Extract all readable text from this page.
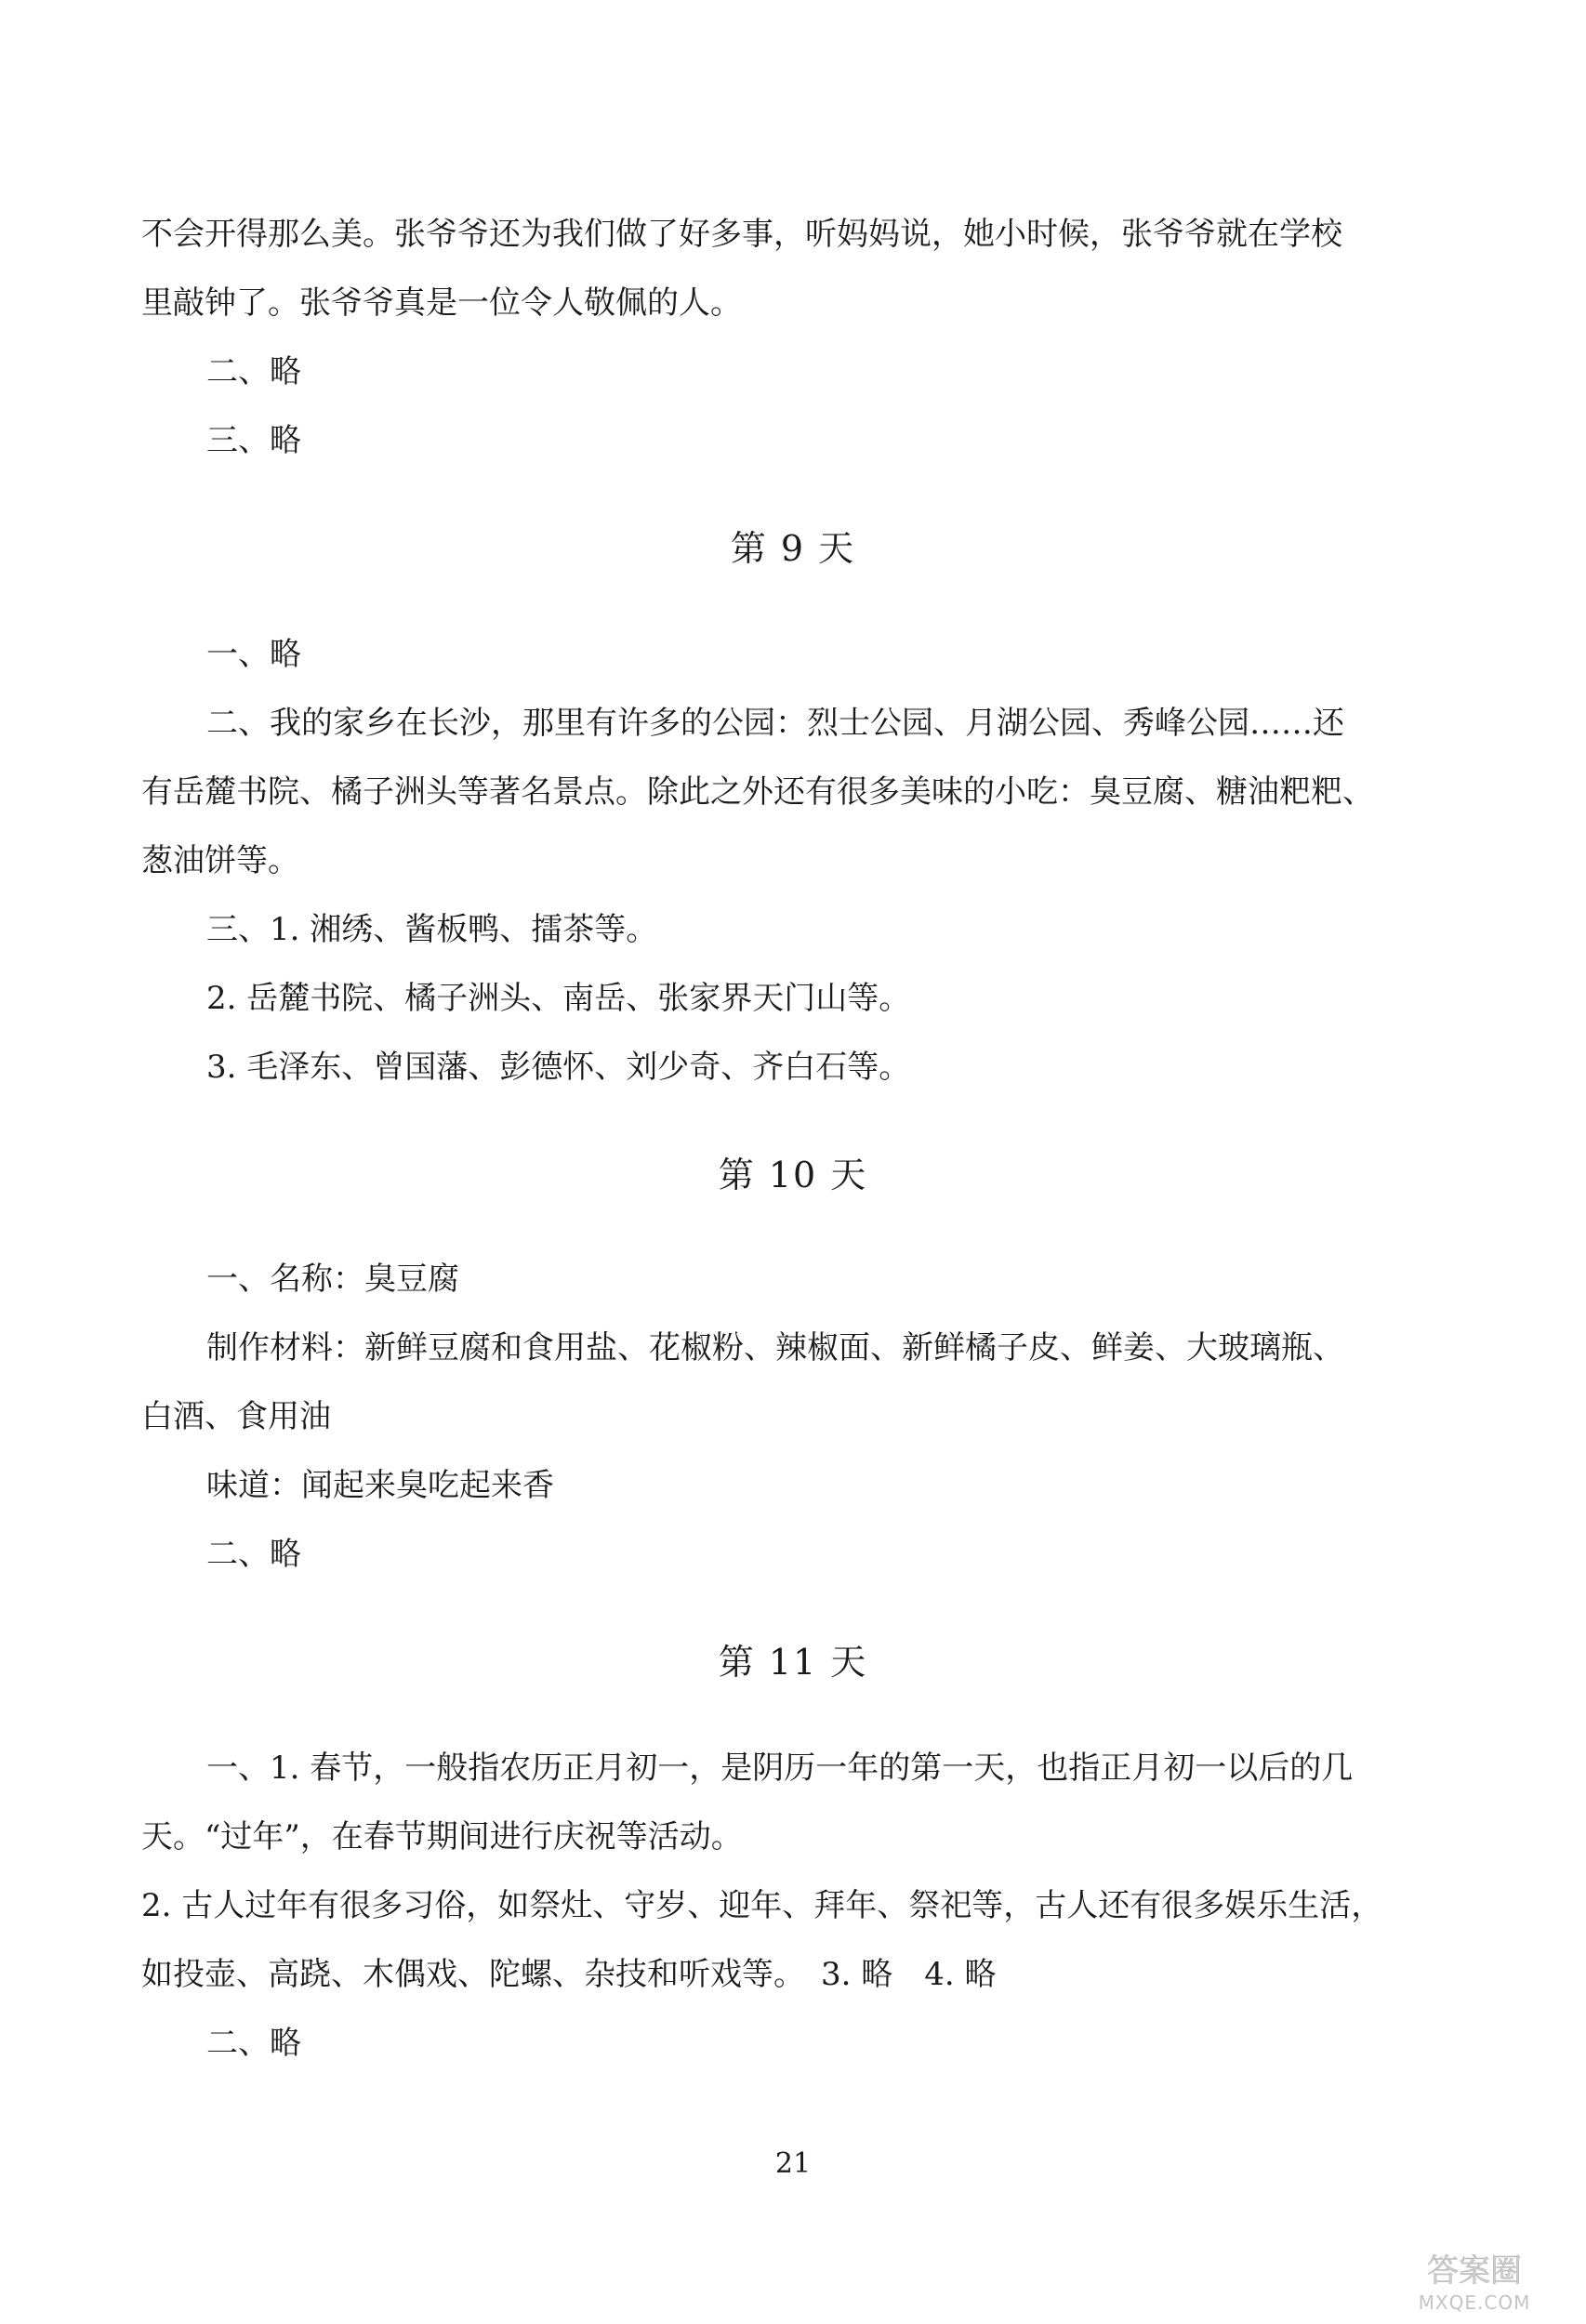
不会开得那么美。张爷爷还为我们做了好多事，听妈妈说，她小时候，张爷爷就在学校
里敲钟了。张爷爷真是一位令人敬佩的人。
二、略
三、略
第 9 天
一、略
二、我的家乡在长沙，那里有许多的公园：烈士公园、月湖公园、秀峰公园……还
有岳麓书院、橘子洲头等著名景点。除此之外还有很多美味的小吃：臭豆腐、糖油粑粑、
葱油饼等。
三、1. 湘绣、酱板鸭、擂茶等。
2. 岳麓书院、橘子洲头、南岳、张家界天门山等。
3. 毛泽东、曾国藩、彭德怀、刘少奇、齐白石等。
第 10 天
一、名称：臭豆腐
制作材料：新鲜豆腐和食用盐、花椒粉、辣椒面、新鲜橘子皮、鲜姜、大玻璃瓶、
白酒、食用油
味道：闻起来臭吃起来香
二、略
第 11 天
一、1. 春节，一般指农历正月初一，是阴历一年的第一天，也指正月初一以后的几
天。“过年”，在春节期间进行庆祝等活动。
2. 古人过年有很多习俗，如祭灶、守岁、迎年、拜年、祭祀等，古人还有很多娱乐生活，
如投壶、高跷、木偶戏、陀螺、杂技和听戏等。　3. 略　4. 略
二、略
21
答案圈
MXQE.COM
